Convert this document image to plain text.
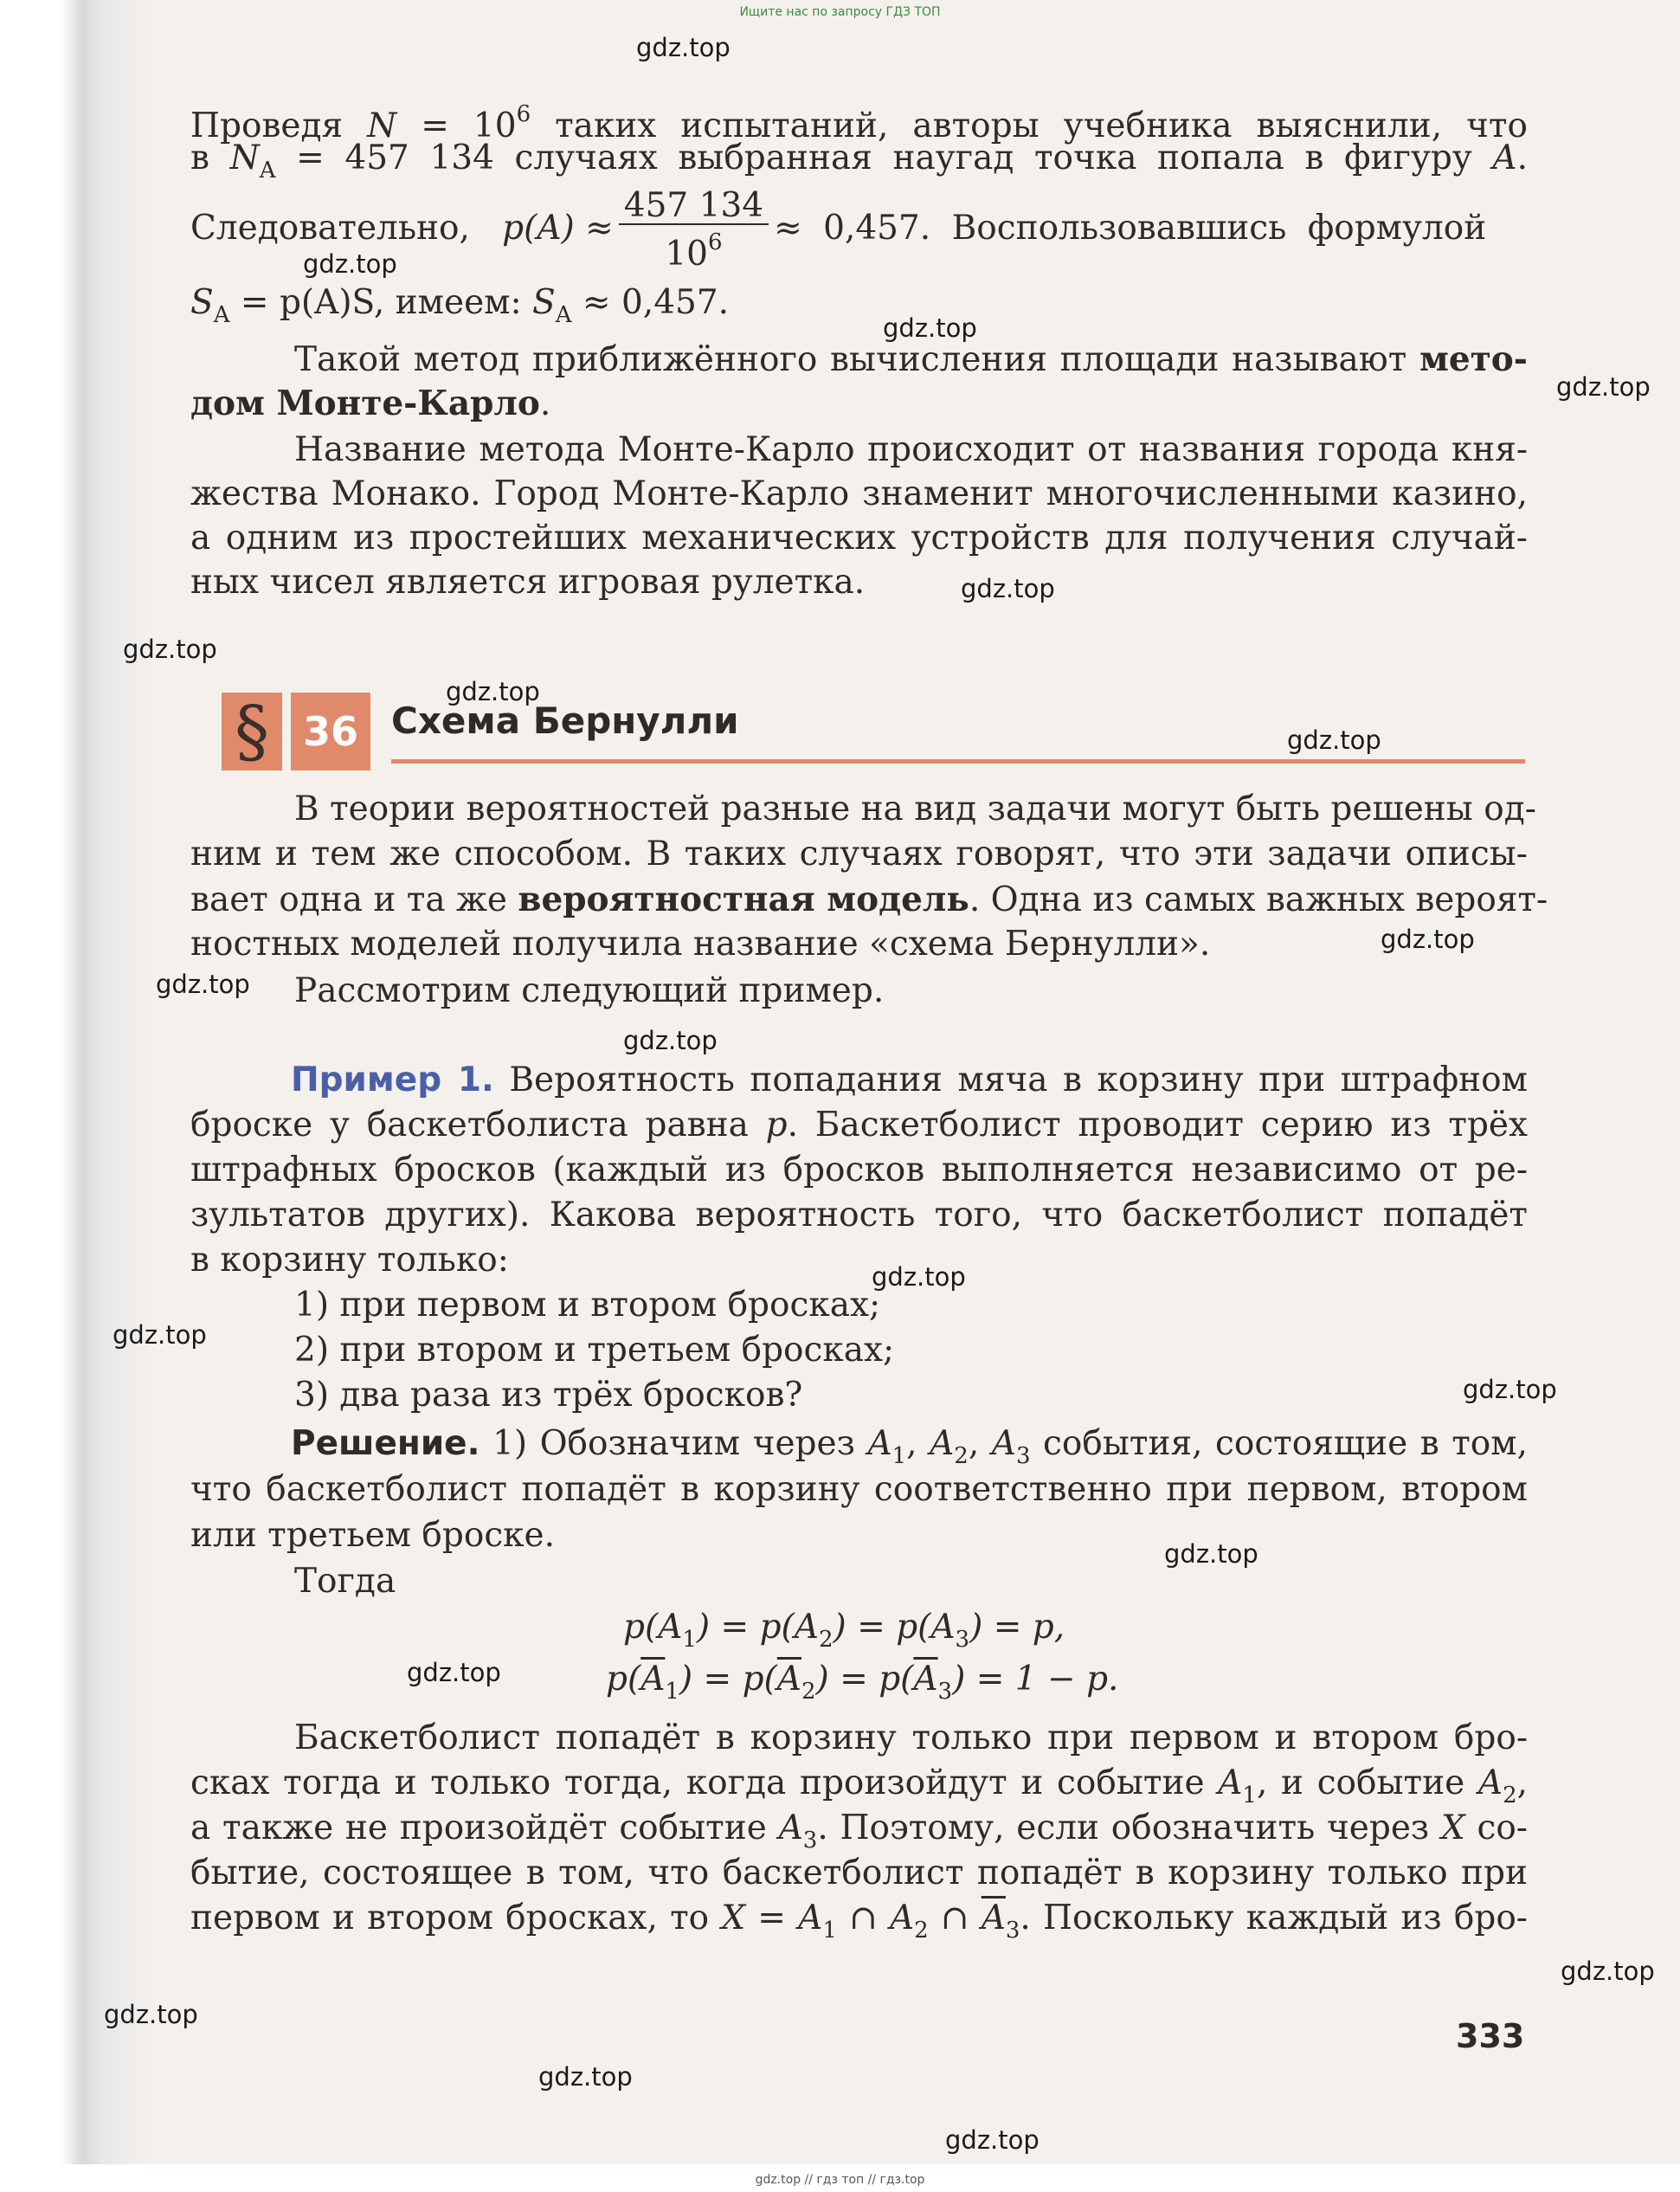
Ищите нас по запросу ГДЗ ТОП
Проведя $N = 10^6$ таких испытаний, авторы учебника выяснили, что
в $N_A = 457$ 134 случаях выбранная наугад точка попала в фигуру A.
Следовательно, $p(A) \approx \frac{457 134}{10^6} \approx 0,457$. Воспользовавшись формулой
$S_A = p(A)S$, имеем: $S_A \approx 0,457$.
Такой метод приближённого вычисления площади называют мето-
дом Монте-Карло.
Название метода Монте-Карло происходит от названия города кня-
жества Монако. Город Монте-Карло знаменит многочисленными казино,
а одним из простейших механических устройств для получения случай-
ных чисел является игровая рулетка.
§ 36 Схема Бернулли
В теории вероятностей разные на вид задачи могут быть решены од-
ним и тем же способом. В таких случаях говорят, что эти задачи описы-
вает одна и та же вероятностная модель. Одна из самых важных вероят-
ностных моделей получила название «схема Бернулли».
Рассмотрим следующий пример.
Пример 1. Вероятность попадания мяча в корзину при штрафном
броске у баскетболиста равна p. Баскетболист проводит серию из трёх
штрафных бросков (каждый из бросков выполняется независимо от ре-
зультатов других). Какова вероятность того, что баскетболист попадёт
в корзину только:
1) при первом и втором бросках;
2) при втором и третьем бросках;
3) два раза из трёх бросков?
Решение. 1) Обозначим через $A_1$, $A_2$, $A_3$ события, состоящие в том,
что баскетболист попадёт в корзину соответственно при первом, втором
или третьем броске.
Тогда
$p(A_1) = p(A_2) = p(A_3) = p$,
$p(\overline{A}_1) = p(\overline{A}_2) = p(\overline{A}_3) = 1 - p$.
Баскетболист попадёт в корзину только при первом и втором бро-
сках тогда и только тогда, когда произойдут и событие $A_1$, и событие $A_2$,
а также не произойдёт событие $A_3$. Поэтому, если обозначить через X со-
бытие, состоящее в том, что баскетболист попадёт в корзину только при
первом и втором бросках, то $X = A_1$ ∩ $A_2$ ∩ $\overline{A}_3$. Поскольку каждый из бро-
333
gdz.top
gdz.top
gdz.top
gdz.top
gdz.top
gdz.top
gdz.top
gdz.top
gdz.top
gdz.top
gdz.top
gdz.top
gdz.top
gdz.top
gdz.top
gdz.top
gdz.top
gdz.top
gdz.top
gdz.top
gdz.top // гдз топ // гдз.top
